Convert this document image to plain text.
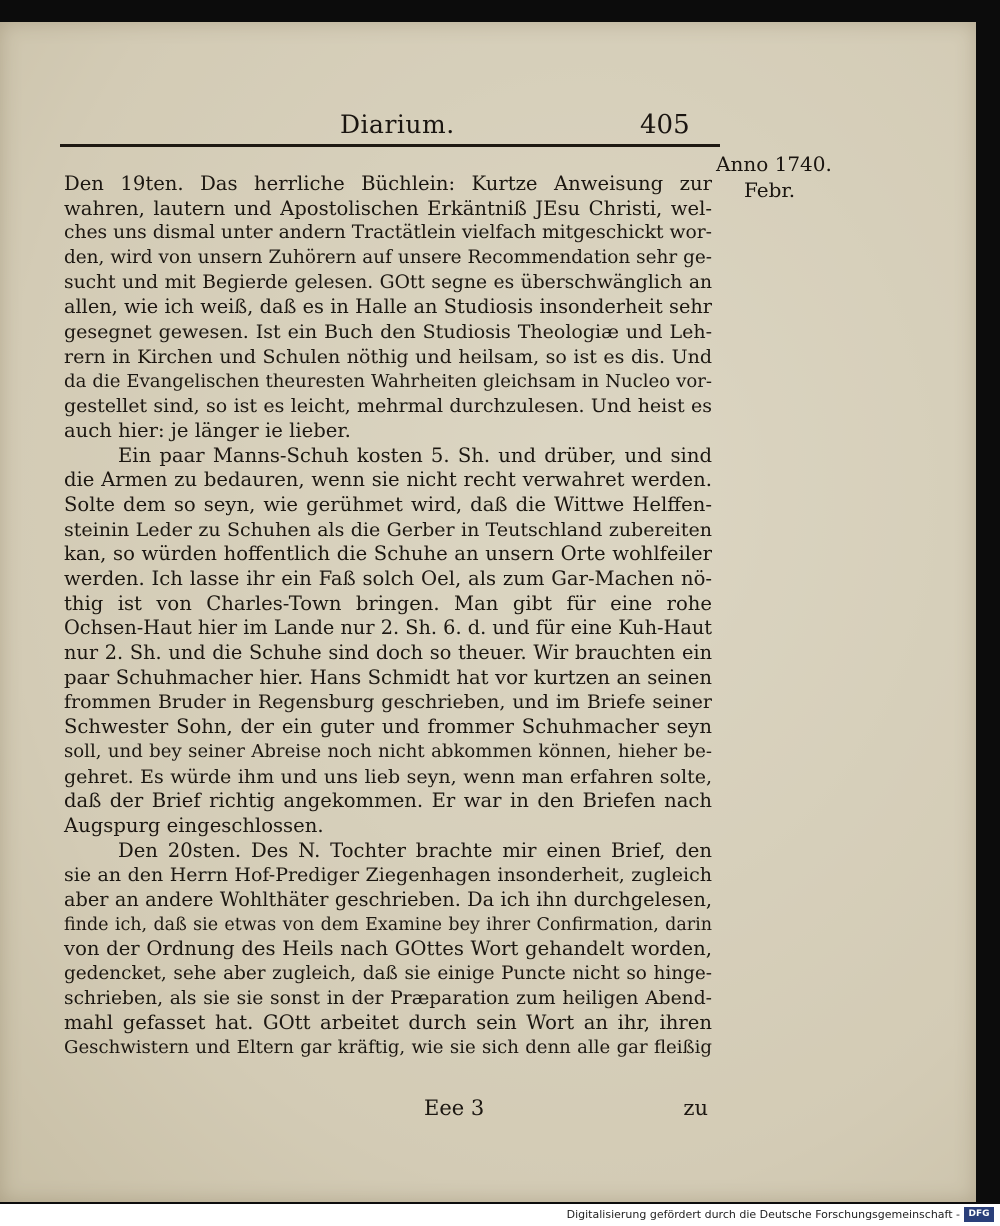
Diarium.	405
Anno 1740.
Febr.
Den 19ten. Das herrliche Büchlein: Kurtze Anweisung zur
wahren, lautern und Apostolischen Erkäntniß JEsu Christi, wel-
ches uns dismal unter andern Tractätlein vielfach mitgeschickt wor-
den, wird von unsern Zuhörern auf unsere Recommendation sehr ge-
sucht und mit Begierde gelesen. GOtt segne es überschwänglich an
allen, wie ich weiß, daß es in Halle an Studiosis insonderheit sehr
gesegnet gewesen. Ist ein Buch den Studiosis Theologiæ und Leh-
rern in Kirchen und Schulen nöthig und heilsam, so ist es dis. Und
da die Evangelischen theuresten Wahrheiten gleichsam in Nucleo vor-
gestellet sind, so ist es leicht, mehrmal durchzulesen. Und heist es
auch hier: je länger ie lieber.
Ein paar Manns-Schuh kosten 5. Sh. und drüber, und sind
die Armen zu bedauren, wenn sie nicht recht verwahret werden.
Solte dem so seyn, wie gerühmet wird, daß die Wittwe Helffen-
steinin Leder zu Schuhen als die Gerber in Teutschland zubereiten
kan, so würden hoffentlich die Schuhe an unsern Orte wohlfeiler
werden. Ich lasse ihr ein Faß solch Oel, als zum Gar-Machen nö-
thig ist von Charles-Town bringen. Man gibt für eine rohe
Ochsen-Haut hier im Lande nur 2. Sh. 6. d. und für eine Kuh-Haut
nur 2. Sh. und die Schuhe sind doch so theuer. Wir brauchten ein
paar Schuhmacher hier. Hans Schmidt hat vor kurtzen an seinen
frommen Bruder in Regensburg geschrieben, und im Briefe seiner
Schwester Sohn, der ein guter und frommer Schuhmacher seyn
soll, und bey seiner Abreise noch nicht abkommen können, hieher be-
gehret. Es würde ihm und uns lieb seyn, wenn man erfahren solte,
daß der Brief richtig angekommen. Er war in den Briefen nach
Augspurg eingeschlossen.
Den 20sten. Des N. Tochter brachte mir einen Brief, den
sie an den Herrn Hof-Prediger Ziegenhagen insonderheit, zugleich
aber an andere Wohlthäter geschrieben. Da ich ihn durchgelesen,
finde ich, daß sie etwas von dem Examine bey ihrer Confirmation, darin
von der Ordnung des Heils nach GOttes Wort gehandelt worden,
gedencket, sehe aber zugleich, daß sie einige Puncte nicht so hinge-
schrieben, als sie sie sonst in der Præparation zum heiligen Abend-
mahl gefasset hat. GOtt arbeitet durch sein Wort an ihr, ihren
Geschwistern und Eltern gar kräftig, wie sie sich denn alle gar fleißig
Eee 3	zu
Digitalisierung gefördert durch die Deutsche Forschungsgemeinschaft - DFG
